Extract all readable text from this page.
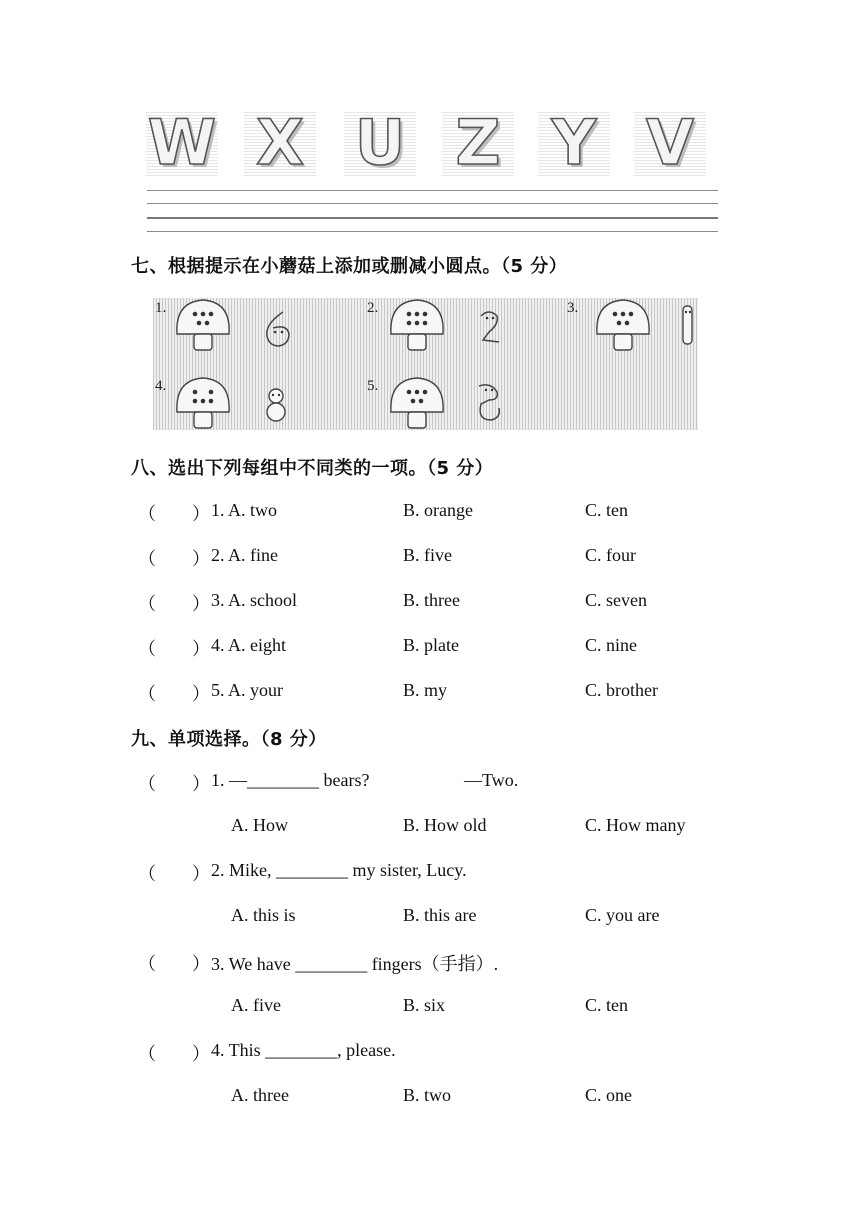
W X U Z Y V
七、根据提示在小蘑菇上添加或删减小圆点。（5 分）
1.	2.	3.
4.	5.
八、选出下列每组中不同类的一项。（5 分）
（ ） 1. A. two	B. orange	C. ten
（ ） 2. A. fine	B. five	C. four
（ ） 3. A. school	B. three	C. seven
（ ） 4. A. eight	B. plate	C. nine
（ ） 5. A. your	B. my	C. brother
九、单项选择。（8 分）
（ ） 1. —________ bears?	—Two.
A. How	B. How old	C. How many
（ ） 2. Mike, ________ my sister, Lucy.
A. this is	B. this are	C. you are
（ ） 3. We have ________ fingers（手指）.
A. five	B. six	C. ten
（ ） 4. This ________, please.
A. three	B. two	C. one
